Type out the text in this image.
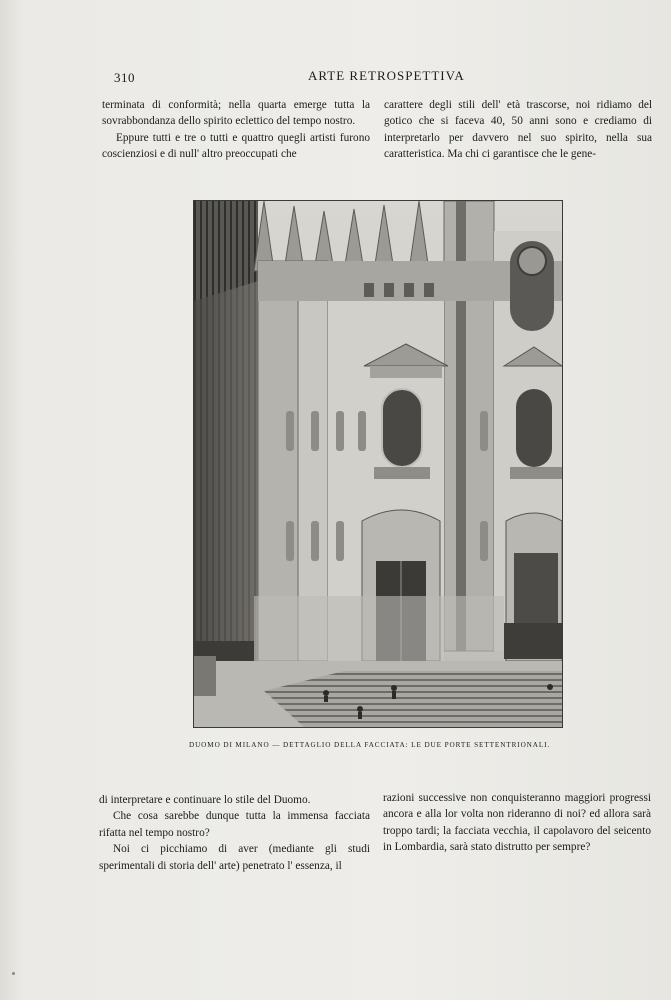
310	ARTE RETROSPETTIVA

terminata di conformità; nella quarta emerge tutta la sovrabbondanza dello spirito eclettico del tempo nostro.

Eppure tutti e tre o tutti e quattro quegli artisti furono coscienziosi e di null' altro preoccupati che

carattere degli stili dell' età trascorse, noi ridiamo del gotico che si faceva 40, 50 anni sono e crediamo di interpretarlo per davvero nel suo spirito, nella sua caratteristica. Ma chi ci garantisce che le gene-

DUOMO DI MILANO — DETTAGLIO DELLA FACCIATA: LE DUE PORTE SETTENTRIONALI.

di interpretare e continuare lo stile del Duomo.

Che cosa sarebbe dunque tutta la immensa facciata rifatta nel tempo nostro?

Noi ci picchiamo di aver (mediante gli studi sperimentali di storia dell' arte) penetrato l' essenza, il

razioni successive non conquisteranno maggiori progressi ancora e alla lor volta non rideranno di noi? ed allora sarà troppo tardi; la facciata vecchia, il capolavoro del seicento in Lombardia, sarà stato distrutto per sempre?
